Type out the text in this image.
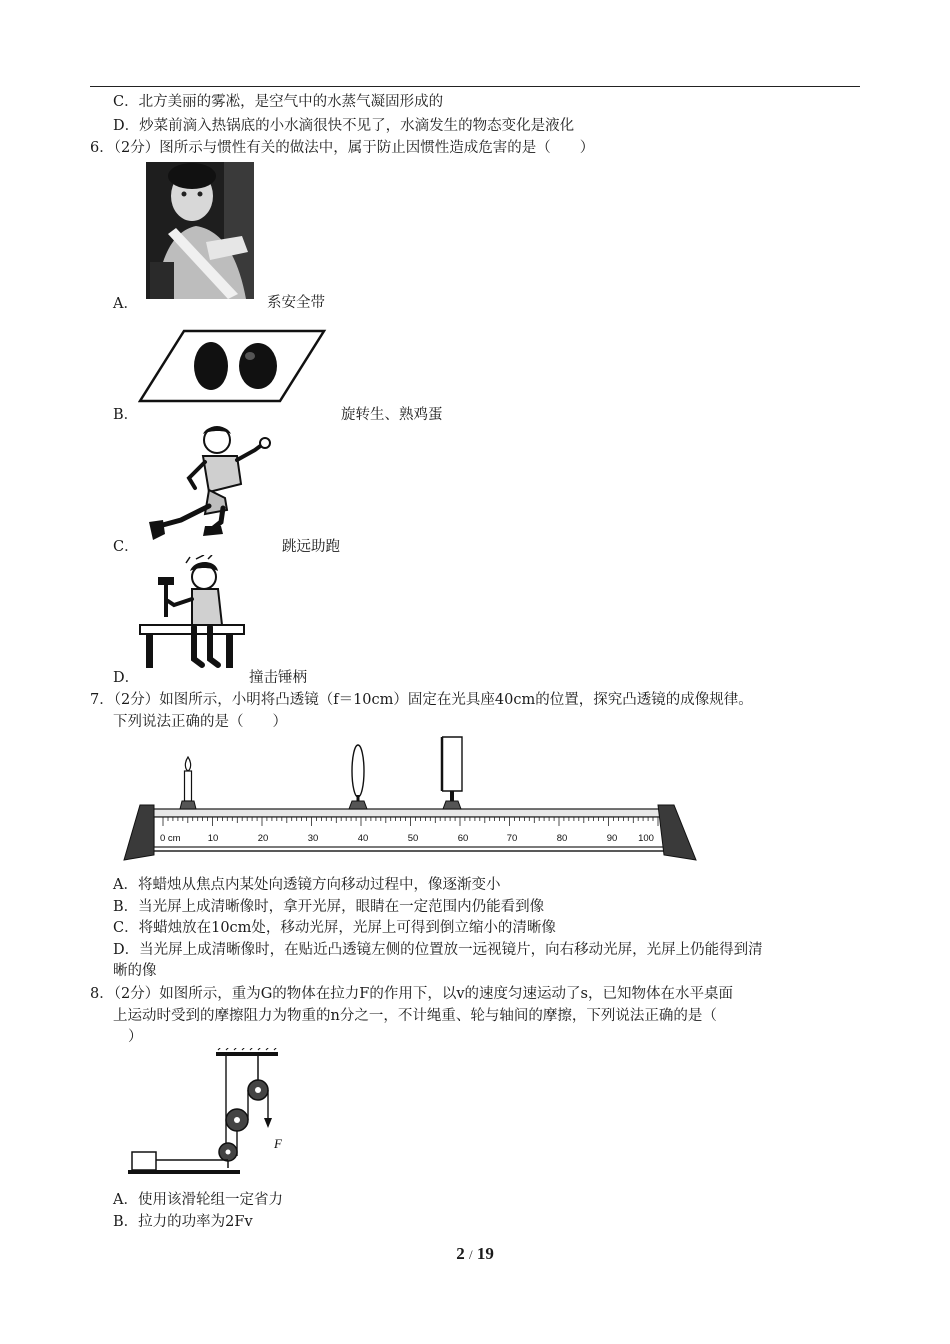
C．北方美丽的雾凇，是空气中的水蒸气凝固形成的
D．炒菜前滴入热锅底的小水滴很快不见了，水滴发生的物态变化是液化
6．（2分）图所示与惯性有关的做法中，属于防止因惯性造成危害的是（　　）
A．	系安全带
B．	旋转生、熟鸡蛋
C．	跳远助跑
D．	撞击锤柄
7．（2分）如图所示，小明将凸透镜（f＝10cm）固定在光具座40cm的位置，探究凸透镜的成像规律。
下列说法正确的是（　　）
0 cm	10	20	30	40	50	60	70	80	90 100
A．将蜡烛从焦点内某处向透镜方向移动过程中，像逐渐变小
B．当光屏上成清晰像时，拿开光屏，眼睛在一定范围内仍能看到像
C．将蜡烛放在10cm处，移动光屏，光屏上可得到倒立缩小的清晰像
D．当光屏上成清晰像时，在贴近凸透镜左侧的位置放一远视镜片，向右移动光屏，光屏上仍能得到清
晰的像
8．（2分）如图所示，重为G的物体在拉力F的作用下，以v的速度匀速运动了s，已知物体在水平桌面
上运动时受到的摩擦阻力为物重的n分之一，不计绳重、轮与轴间的摩擦，下列说法正确的是（
）
F
A．使用该滑轮组一定省力
B．拉力的功率为2Fv
2 / 19
